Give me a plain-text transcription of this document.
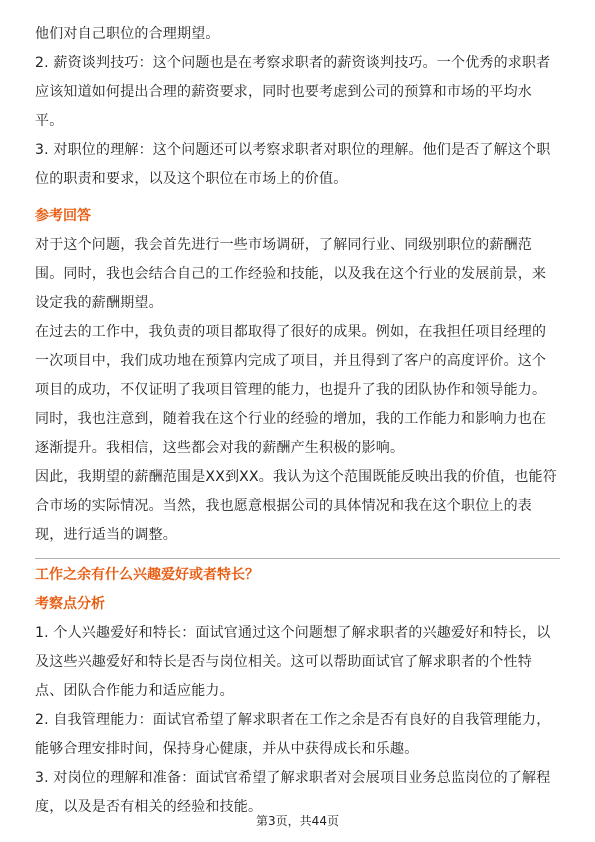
他们对自己职位的合理期望。

2. 薪资谈判技巧：这个问题也是在考察求职者的薪资谈判技巧。一个优秀的求职者应该知道如何提出合理的薪资要求，同时也要考虑到公司的预算和市场的平均水平。

3. 对职位的理解：这个问题还可以考察求职者对职位的理解。他们是否了解这个职位的职责和要求，以及这个职位在市场上的价值。

参考回答

对于这个问题，我会首先进行一些市场调研，了解同行业、同级别职位的薪酬范围。同时，我也会结合自己的工作经验和技能，以及我在这个行业的发展前景，来设定我的薪酬期望。

在过去的工作中，我负责的项目都取得了很好的成果。例如，在我担任项目经理的一次项目中，我们成功地在预算内完成了项目，并且得到了客户的高度评价。这个项目的成功，不仅证明了我项目管理的能力，也提升了我的团队协作和领导能力。同时，我也注意到，随着我在这个行业的经验的增加，我的工作能力和影响力也在逐渐提升。我相信，这些都会对我的薪酬产生积极的影响。

因此，我期望的薪酬范围是XX到XX。我认为这个范围既能反映出我的价值，也能符合市场的实际情况。当然，我也愿意根据公司的具体情况和我在这个职位上的表现，进行适当的调整。

工作之余有什么兴趣爱好或者特长？
考察点分析

1. 个人兴趣爱好和特长：面试官通过这个问题想了解求职者的兴趣爱好和特长，以及这些兴趣爱好和特长是否与岗位相关。这可以帮助面试官了解求职者的个性特点、团队合作能力和适应能力。

2. 自我管理能力：面试官希望了解求职者在工作之余是否有良好的自我管理能力，能够合理安排时间，保持身心健康，并从中获得成长和乐趣。

3. 对岗位的理解和准备：面试官希望了解求职者对会展项目业务总监岗位的了解程度，以及是否有相关的经验和技能。

第3页，共44页
